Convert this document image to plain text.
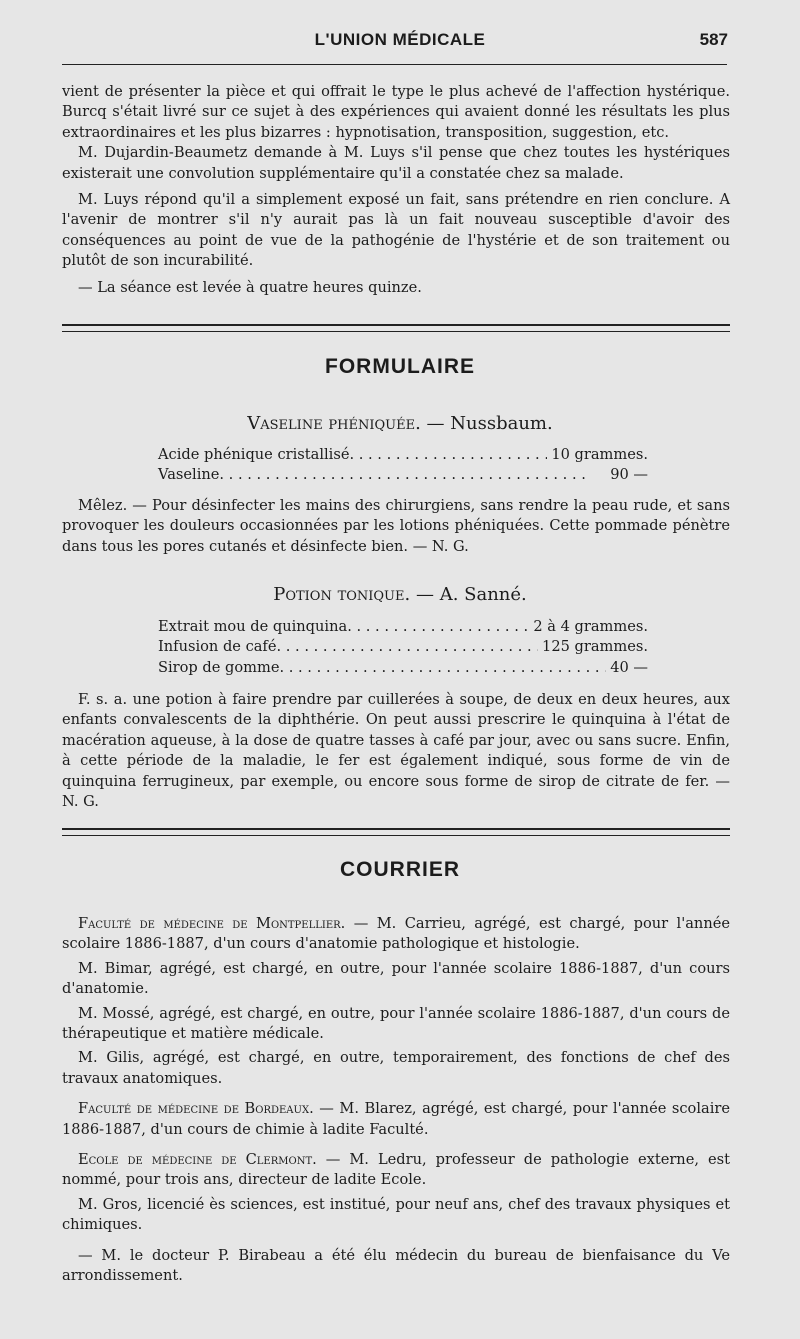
L'UNION MÉDICALE	587

vient de présenter la pièce et qui offrait le type le plus achevé de l'affection hystérique. Burcq s'était livré sur ce sujet à des expériences qui avaient donné les résultats les plus extraordinaires et les plus bizarres : hypnotisation, transposition, suggestion, etc.

M. Dujardin-Beaumetz demande à M. Luys s'il pense que chez toutes les hystériques existerait une convolution supplémentaire qu'il a constatée chez sa malade.

M. Luys répond qu'il a simplement exposé un fait, sans prétendre en rien conclure. A l'avenir de montrer s'il n'y aurait pas là un fait nouveau susceptible d'avoir des conséquences au point de vue de la pathogénie de l'hystérie et de son traitement ou plutôt de son incurabilité.

— La séance est levée à quatre heures quinze.

FORMULAIRE
Vaseline phéniquée. — Nussbaum.
Acide phénique cristallisé . . .	10 grammes.
Vaseline . . .	90 —

Mêlez. — Pour désinfecter les mains des chirurgiens, sans rendre la peau rude, et sans provoquer les douleurs occasionnées par les lotions phéniquées. Cette pommade pénètre dans tous les pores cutanés et désinfecte bien. — N. G.

Potion tonique. — A. Sanné.
Extrait mou de quinquina . . .	2 à 4 grammes.
Infusion de café . . .	125 grammes.
Sirop de gomme . . .	40 —

F. s. a. une potion à faire prendre par cuillerées à soupe, de deux en deux heures, aux enfants convalescents de la diphthérie. On peut aussi prescrire le quinquina à l'état de macération aqueuse, à la dose de quatre tasses à café par jour, avec ou sans sucre. Enfin, à cette période de la maladie, le fer est également indiqué, sous forme de vin de quinquina ferrugineux, par exemple, ou encore sous forme de sirop de citrate de fer. — N. G.

COURRIER

Faculté de médecine de Montpellier. — M. Carrieu, agrégé, est chargé, pour l'année scolaire 1886-1887, d'un cours d'anatomie pathologique et histologie.

M. Bimar, agrégé, est chargé, en outre, pour l'année scolaire 1886-1887, d'un cours d'anatomie.

M. Mossé, agrégé, est chargé, en outre, pour l'année scolaire 1886-1887, d'un cours de thérapeutique et matière médicale.

M. Gilis, agrégé, est chargé, en outre, temporairement, des fonctions de chef des travaux anatomiques.

Faculté de médecine de Bordeaux. — M. Blarez, agrégé, est chargé, pour l'année scolaire 1886-1887, d'un cours de chimie à ladite Faculté.

Ecole de médecine de Clermont. — M. Ledru, professeur de pathologie externe, est nommé, pour trois ans, directeur de ladite Ecole.

M. Gros, licencié ès sciences, est institué, pour neuf ans, chef des travaux physiques et chimiques.

— M. le docteur P. Birabeau a été élu médecin du bureau de bienfaisance du Ve arrondissement.
